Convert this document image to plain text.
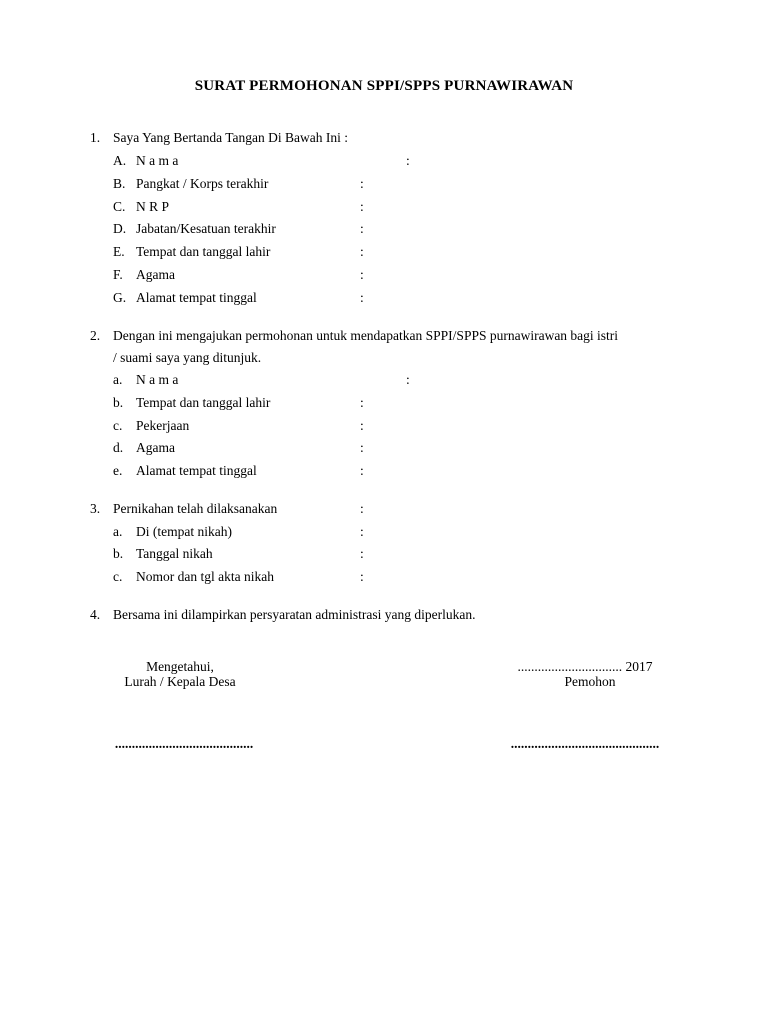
SURAT PERMOHONAN SPPI/SPPS PURNAWIRAWAN
1. Saya Yang Bertanda Tangan Di Bawah Ini :
A. N a m a	:
B. Pangkat / Korps terakhir	:
C. N R P	:
D. Jabatan/Kesatuan terakhir	:
E. Tempat dan tanggal lahir	:
F. Agama	:
G. Alamat tempat tinggal	:
2. Dengan ini mengajukan permohonan untuk mendapatkan SPPI/SPPS purnawirawan bagi istri
/ suami saya yang ditunjuk.
a. N a m a	:
b. Tempat dan tanggal lahir	:
c. Pekerjaan	:
d. Agama	:
e. Alamat tempat tinggal	:
3. Pernikahan telah dilaksanakan	:
a. Di (tempat nikah)	:
b. Tanggal nikah	:
c. Nomor dan tgl akta nikah	:
4. Bersama ini dilampirkan persyaratan administrasi yang diperlukan.
Mengetahui,
Lurah / Kepala Desa
............................... 2017
Pemohon
.........................................	............................................
